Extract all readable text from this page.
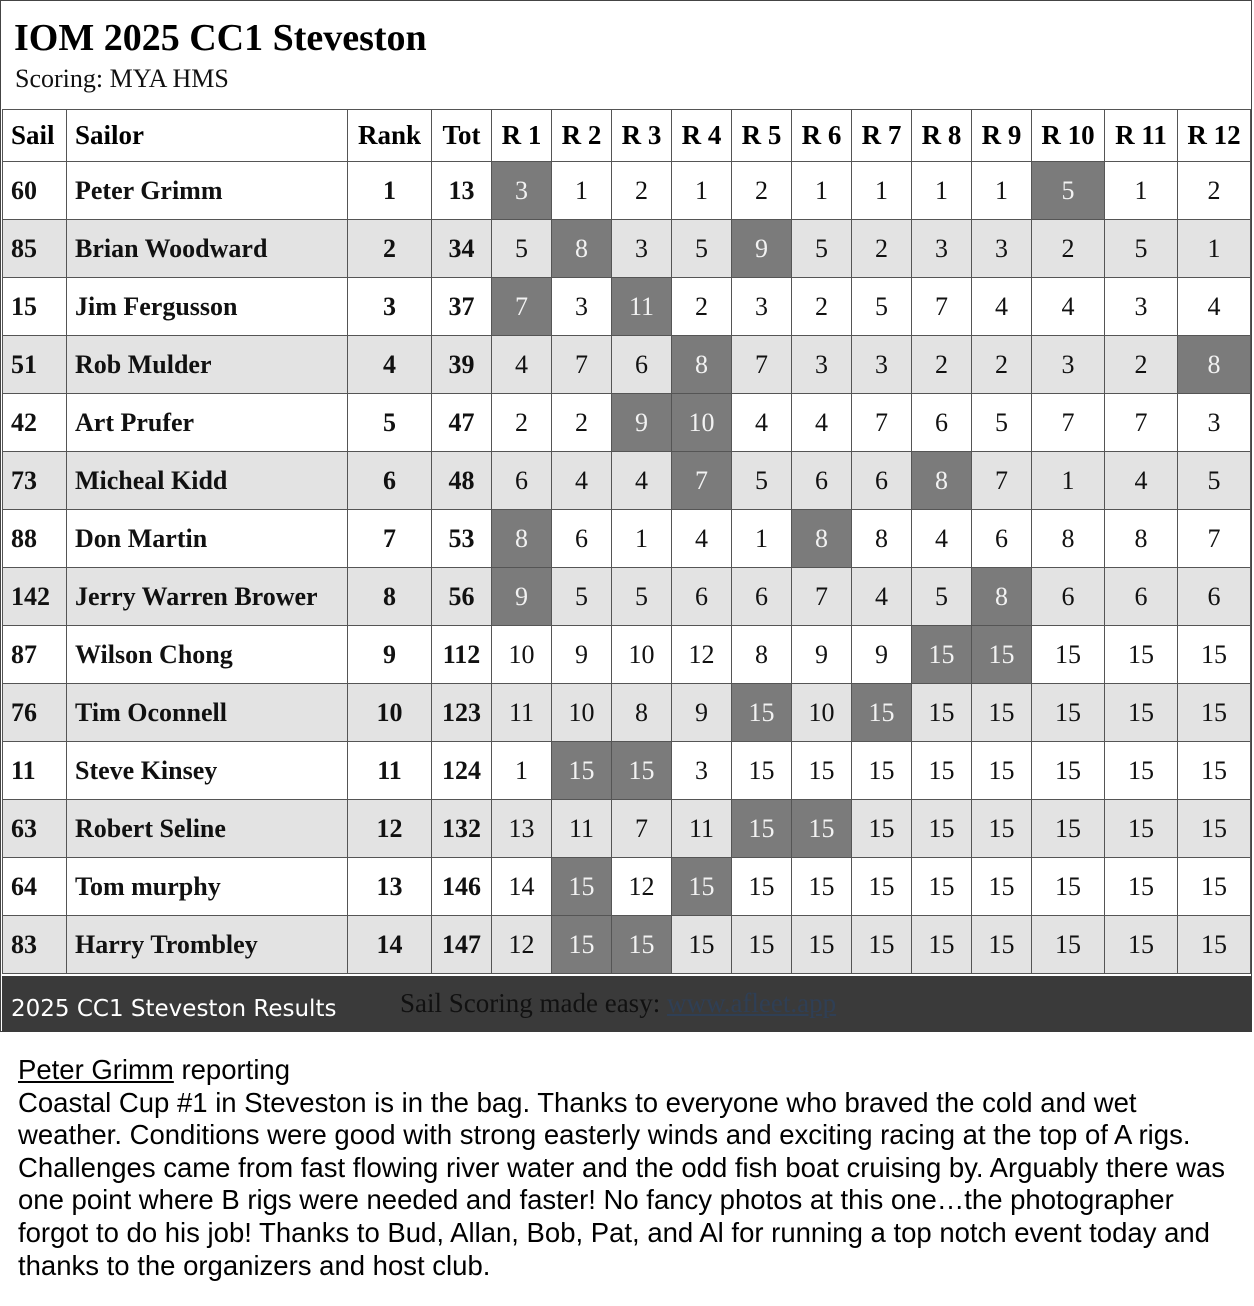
IOM 2025 CC1 Steveston
Scoring: MYA HMS
Sail	Sailor	Rank	Tot	R 1	R 2	R 3	R 4	R 5	R 6	R 7	R 8	R 9	R 10	R 11	R 12
60	Peter Grimm	1	13	3	1	2	1	2	1	1	1	1	5	1	2
85	Brian Woodward	2	34	5	8	3	5	9	5	2	3	3	2	5	1
15	Jim Fergusson	3	37	7	3	11	2	3	2	5	7	4	4	3	4
51	Rob Mulder	4	39	4	7	6	8	7	3	3	2	2	3	2	8
42	Art Prufer	5	47	2	2	9	10	4	4	7	6	5	7	7	3
73	Micheal Kidd	6	48	6	4	4	7	5	6	6	8	7	1	4	5
88	Don Martin	7	53	8	6	1	4	1	8	8	4	6	8	8	7
142	Jerry Warren Brower	8	56	9	5	5	6	6	7	4	5	8	6	6	6
87	Wilson Chong	9	112	10	9	10	12	8	9	9	15	15	15	15	15
76	Tim Oconnell	10	123	11	10	8	9	15	10	15	15	15	15	15	15
11	Steve Kinsey	11	124	1	15	15	3	15	15	15	15	15	15	15	15
63	Robert Seline	12	132	13	11	7	11	15	15	15	15	15	15	15	15
64	Tom murphy	13	146	14	15	12	15	15	15	15	15	15	15	15	15
83	Harry Trombley	14	147	12	15	15	15	15	15	15	15	15	15	15	15
2025 CC1 Steveston Results Sail Scoring made easy: www.afleet.app

Peter Grimm reporting

Coastal Cup #1 in Steveston is in the bag. Thanks to everyone who braved the cold and wet weather. Conditions were good with strong easterly winds and exciting racing at the top of A rigs. Challenges came from fast flowing river water and the odd fish boat cruising by. Arguably there was one point where B rigs were needed and faster! No fancy photos at this one…the photographer forgot to do his job! Thanks to Bud, Allan, Bob, Pat, and Al for running a top notch event today and thanks to the organizers and host club.
